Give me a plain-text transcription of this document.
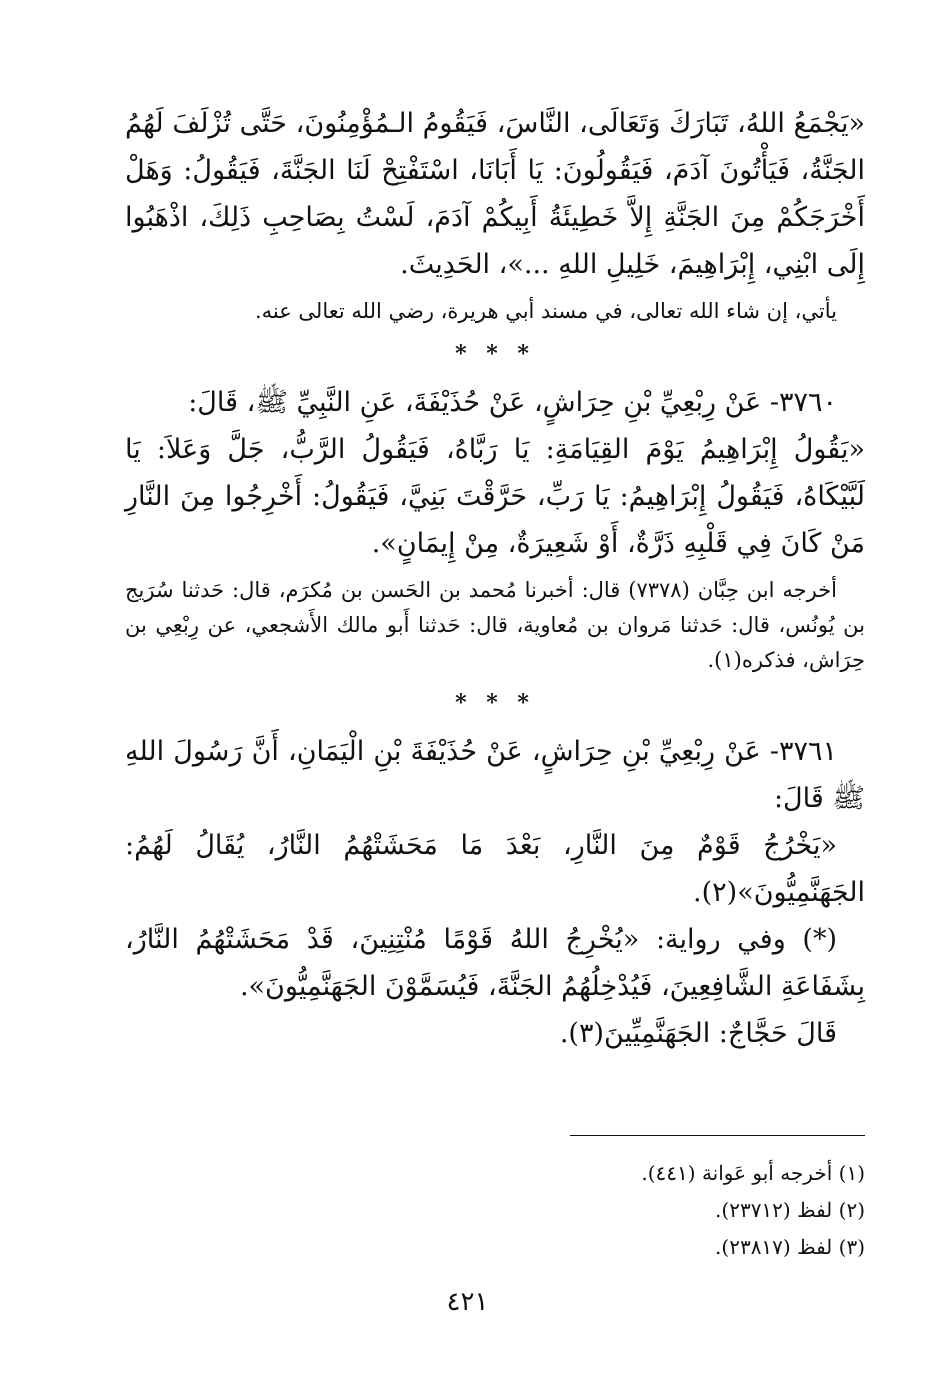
«يَجْمَعُ اللهُ، تَبَارَكَ وَتَعَالَى، النَّاسَ، فَيَقُومُ الـمُؤْمِنُونَ، حَتَّى تُزْلَفَ لَهُمُ الجَنَّةُ، فَيَأْتُونَ آدَمَ، فَيَقُولُونَ: يَا أَبَانَا، اسْتَفْتِحْ لَنَا الجَنَّةَ، فَيَقُولُ: وَهَلْ أَخْرَجَكُمْ مِنَ الجَنَّةِ إِلاَّ خَطِيئَةُ أَبِيكُمْ آدَمَ، لَسْتُ بِصَاحِبِ ذَلِكَ، اذْهَبُوا إِلَى ابْنِي، إِبْرَاهِيمَ، خَلِيلِ اللهِ ...»، الحَدِيثَ.

يأتي، إن شاء الله تعالى، في مسند أبي هريرة، رضي الله تعالى عنه.

* * *

٣٧٦٠- عَنْ رِبْعِيِّ بْنِ حِرَاشٍ، عَنْ حُذَيْفَةَ، عَنِ النَّبِيِّ ﷺ، قَالَ:

«يَقُولُ إِبْرَاهِيمُ يَوْمَ القِيَامَةِ: يَا رَبَّاهُ، فَيَقُولُ الرَّبُّ، جَلَّ وَعَلاَ: يَا لَبَّيْكَاهُ، فَيَقُولُ إِبْرَاهِيمُ: يَا رَبِّ، حَرَّقْتَ بَنِيَّ، فَيَقُولُ: أَخْرِجُوا مِنَ النَّارِ مَنْ كَانَ فِي قَلْبِهِ ذَرَّةٌ، أَوْ شَعِيرَةٌ، مِنْ إِيمَانٍ».

أخرجه ابن حِبَّان (٧٣٧٨) قال: أخبرنا مُحمد بن الحَسن بن مُكرَم، قال: حَدثنا سُرَيج بن يُونُس، قال: حَدثنا مَروان بن مُعاوية، قال: حَدثنا أَبو مالك الأَشجعي، عن رِبْعِي بن حِرَاش، فذكره(١).

* * *

٣٧٦١- عَنْ رِبْعِيِّ بْنِ حِرَاشٍ، عَنْ حُذَيْفَةَ بْنِ الْيَمَانِ، أَنَّ رَسُولَ اللهِ ﷺ قَالَ:

«يَخْرُجُ قَوْمٌ مِنَ النَّارِ، بَعْدَ مَا مَحَشَتْهُمُ النَّارُ، يُقَالُ لَهُمُ: الجَهَنَّمِيُّونَ»(٢).

(*) وفي رواية: «يُخْرِجُ اللهُ قَوْمًا مُنْتِنِينَ، قَدْ مَحَشَتْهُمُ النَّارُ، بِشَفَاعَةِ الشَّافِعِينَ، فَيُدْخِلُهُمُ الجَنَّةَ، فَيُسَمَّوْنَ الجَهَنَّمِيُّونَ».

قَالَ حَجَّاجٌ: الجَهَنَّمِيِّينَ(٣).

(١) أخرجه أبو عَوانة (٤٤١).
(٢) لفظ (٢٣٧١٢).
(٣) لفظ (٢٣٨١٧).
٤٢١
